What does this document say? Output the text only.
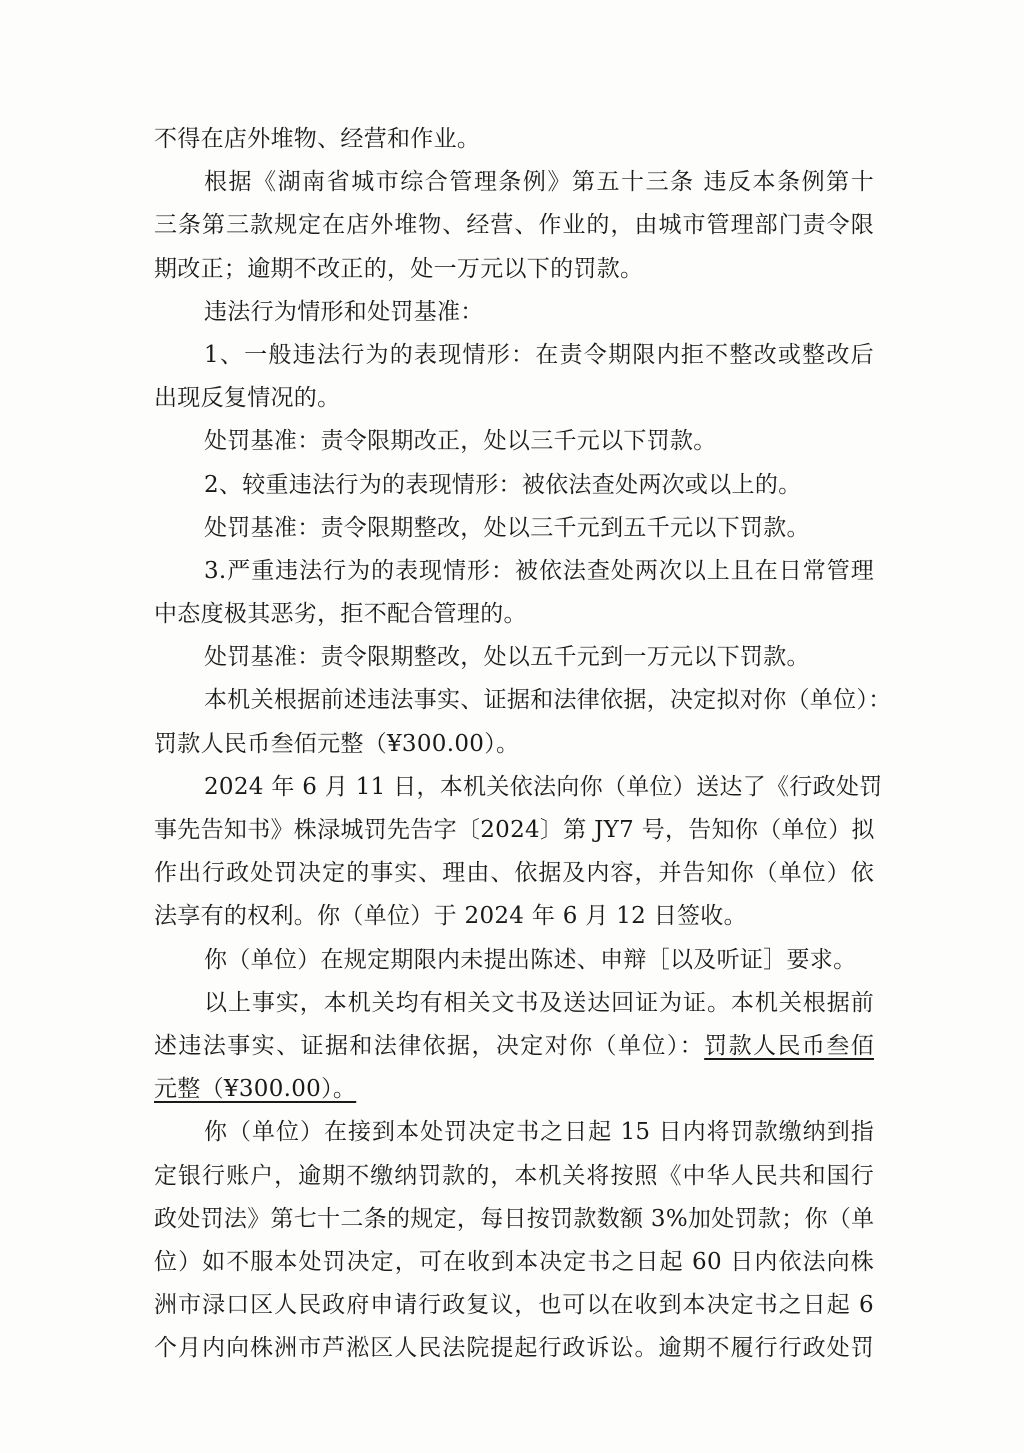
不得在店外堆物、经营和作业。
根据《湖南省城市综合管理条例》第五十三条 违反本条例第十
三条第三款规定在店外堆物、经营、作业的，由城市管理部门责令限
期改正；逾期不改正的，处一万元以下的罚款。
违法行为情形和处罚基准：
1、一般违法行为的表现情形：在责令期限内拒不整改或整改后
出现反复情况的。
处罚基准：责令限期改正，处以三千元以下罚款。
2、较重违法行为的表现情形：被依法查处两次或以上的。
处罚基准：责令限期整改，处以三千元到五千元以下罚款。
3.严重违法行为的表现情形：被依法查处两次以上且在日常管理
中态度极其恶劣，拒不配合管理的。
处罚基准：责令限期整改，处以五千元到一万元以下罚款。
本机关根据前述违法事实、证据和法律依据，决定拟对你（单位）：
罚款人民币叁佰元整（¥300.00）。
2024 年 6 月 11 日，本机关依法向你（单位）送达了《行政处罚
事先告知书》株渌城罚先告字〔2024〕第 JY7 号，告知你（单位）拟
作出行政处罚决定的事实、理由、依据及内容，并告知你（单位）依
法享有的权利。你（单位）于 2024 年 6 月 12 日签收。
你（单位）在规定期限内未提出陈述、申辩［以及听证］要求。
以上事实，本机关均有相关文书及送达回证为证。本机关根据前
述违法事实、证据和法律依据，决定对你（单位）：罚款人民币叁佰
元整（¥300.00）。
你（单位）在接到本处罚决定书之日起 15 日内将罚款缴纳到指
定银行账户，逾期不缴纳罚款的，本机关将按照《中华人民共和国行
政处罚法》第七十二条的规定，每日按罚款数额 3%加处罚款；你（单
位）如不服本处罚决定，可在收到本决定书之日起 60 日内依法向株
洲市渌口区人民政府申请行政复议，也可以在收到本决定书之日起 6
个月内向株洲市芦淞区人民法院提起行政诉讼。逾期不履行行政处罚
